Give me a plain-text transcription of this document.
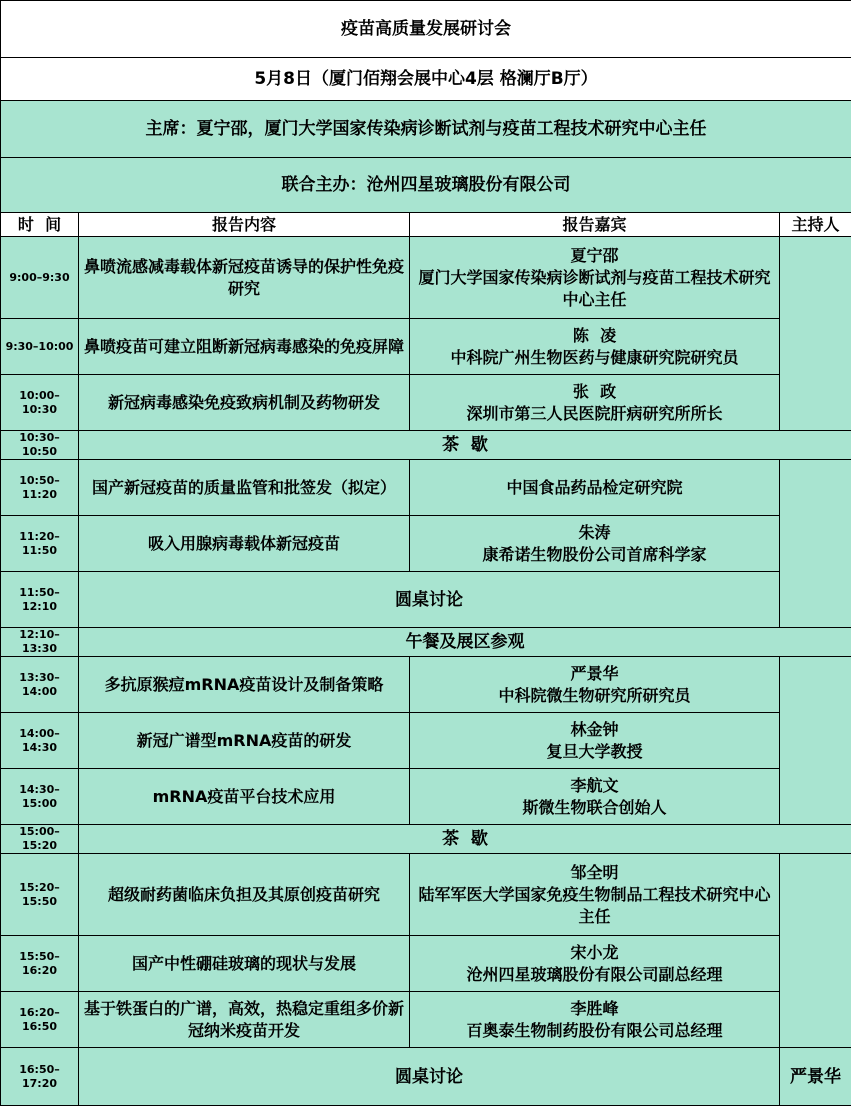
疫苗高质量发展研讨会			
5月8日（厦门佰翔会展中心4层 格澜厅B厅）			
主席：夏宁邵，厦门大学国家传染病诊断试剂与疫苗工程技术研究中心主任			
联合主办：沧州四星玻璃股份有限公司			
时  间	报告内容	报告嘉宾	主持人
9:00–9:30	鼻喷流感减毒载体新冠疫苗诱导的保护性免疫研究	夏宁邵
厦门大学国家传染病诊断试剂与疫苗工程技术研究中心主任	

9:30–10:00	鼻喷疫苗可建立阻断新冠病毒感染的免疫屏障	陈  凌
中科院广州生物医药与健康研究院研究员	

10:00–10:30	新冠病毒感染免疫致病机制及药物研发	张  政
深圳市第三人民医院肝病研究所所长	

10:30–10:50	茶  歇		
10:50–11:20	国产新冠疫苗的质量监管和批签发（拟定）	中国食品药品检定研究院	

11:20–11:50	吸入用腺病毒载体新冠疫苗	朱涛
康希诺生物股份公司首席科学家	

11:50–12:10	圆桌讨论		
12:10–13:30	午餐及展区参观		
13:30–14:00	多抗原猴痘mRNA疫苗设计及制备策略	严景华
中科院微生物研究所研究员	

14:00–14:30	新冠广谱型mRNA疫苗的研发	林金钟
复旦大学教授	

14:30–15:00	mRNA疫苗平台技术应用	李航文
斯微生物联合创始人	

15:00–15:20	茶  歇		
15:20–15:50	超级耐药菌临床负担及其原创疫苗研究	邹全明
陆军军医大学国家免疫生物制品工程技术研究中心主任	

15:50–16:20	国产中性硼硅玻璃的现状与发展	宋小龙
沧州四星玻璃股份有限公司副总经理	

16:20–16:50	基于铁蛋白的广谱，高效，热稳定重组多价新冠纳米疫苗开发	李胜峰
百奥泰生物制药股份有限公司总经理	

16:50–17:20	圆桌讨论		严景华
